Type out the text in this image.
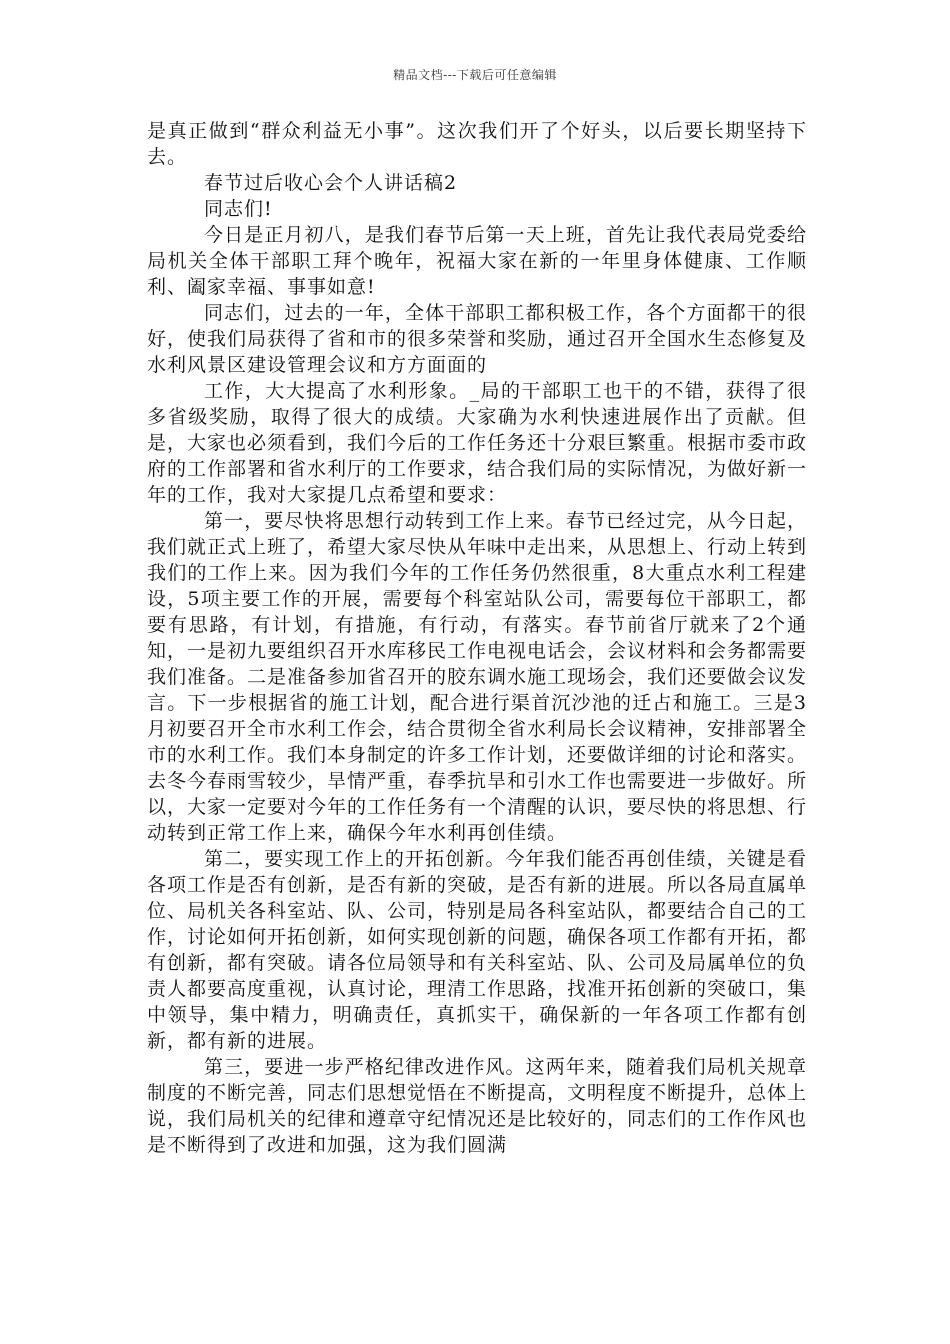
精品文档---下载后可任意编辑

是真正做到“群众利益无小事”。这次我们开了个好头，以后要长期坚持下去。

春节过后收心会个人讲话稿2

同志们!

今日是正月初八，是我们春节后第一天上班，首先让我代表局党委给局机关全体干部职工拜个晚年，祝福大家在新的一年里身体健康、工作顺利、阖家幸福、事事如意!

同志们，过去的一年，全体干部职工都积极工作，各个方面都干的很好，使我们局获得了省和市的很多荣誉和奖励，通过召开全国水生态修复及水利风景区建设管理会议和方方面面的

工作，大大提高了水利形象。_局的干部职工也干的不错，获得了很多省级奖励，取得了很大的成绩。大家确为水利快速进展作出了贡献。但是，大家也必须看到，我们今后的工作任务还十分艰巨繁重。根据市委市政府的工作部署和省水利厅的工作要求，结合我们局的实际情况，为做好新一年的工作，我对大家提几点希望和要求：

第一，要尽快将思想行动转到工作上来。春节已经过完，从今日起，我们就正式上班了，希望大家尽快从年味中走出来，从思想上、行动上转到我们的工作上来。因为我们今年的工作任务仍然很重，8大重点水利工程建设，5项主要工作的开展，需要每个科室站队公司，需要每位干部职工，都要有思路，有计划，有措施，有行动，有落实。春节前省厅就来了2个通知，一是初九要组织召开水库移民工作电视电话会，会议材料和会务都需要我们准备。二是准备参加省召开的胶东调水施工现场会，我们还要做会议发言。下一步根据省的施工计划，配合进行渠首沉沙池的迁占和施工。三是3月初要召开全市水利工作会，结合贯彻全省水利局长会议精神，安排部署全市的水利工作。我们本身制定的许多工作计划，还要做详细的讨论和落实。去冬今春雨雪较少，旱情严重，春季抗旱和引水工作也需要进一步做好。所以，大家一定要对今年的工作任务有一个清醒的认识，要尽快的将思想、行动转到正常工作上来，确保今年水利再创佳绩。

第二，要实现工作上的开拓创新。今年我们能否再创佳绩，关键是看各项工作是否有创新，是否有新的突破，是否有新的进展。所以各局直属单位、局机关各科室站、队、公司，特别是局各科室站队，都要结合自己的工作，讨论如何开拓创新，如何实现创新的问题，确保各项工作都有开拓，都有创新，都有突破。请各位局领导和有关科室站、队、公司及局属单位的负责人都要高度重视，认真讨论，理清工作思路，找准开拓创新的突破口，集中领导，集中精力，明确责任，真抓实干，确保新的一年各项工作都有创新，都有新的进展。

第三，要进一步严格纪律改进作风。这两年来，随着我们局机关规章制度的不断完善，同志们思想觉悟在不断提高，文明程度不断提升，总体上说，我们局机关的纪律和遵章守纪情况还是比较好的，同志们的工作作风也是不断得到了改进和加强，这为我们圆满
